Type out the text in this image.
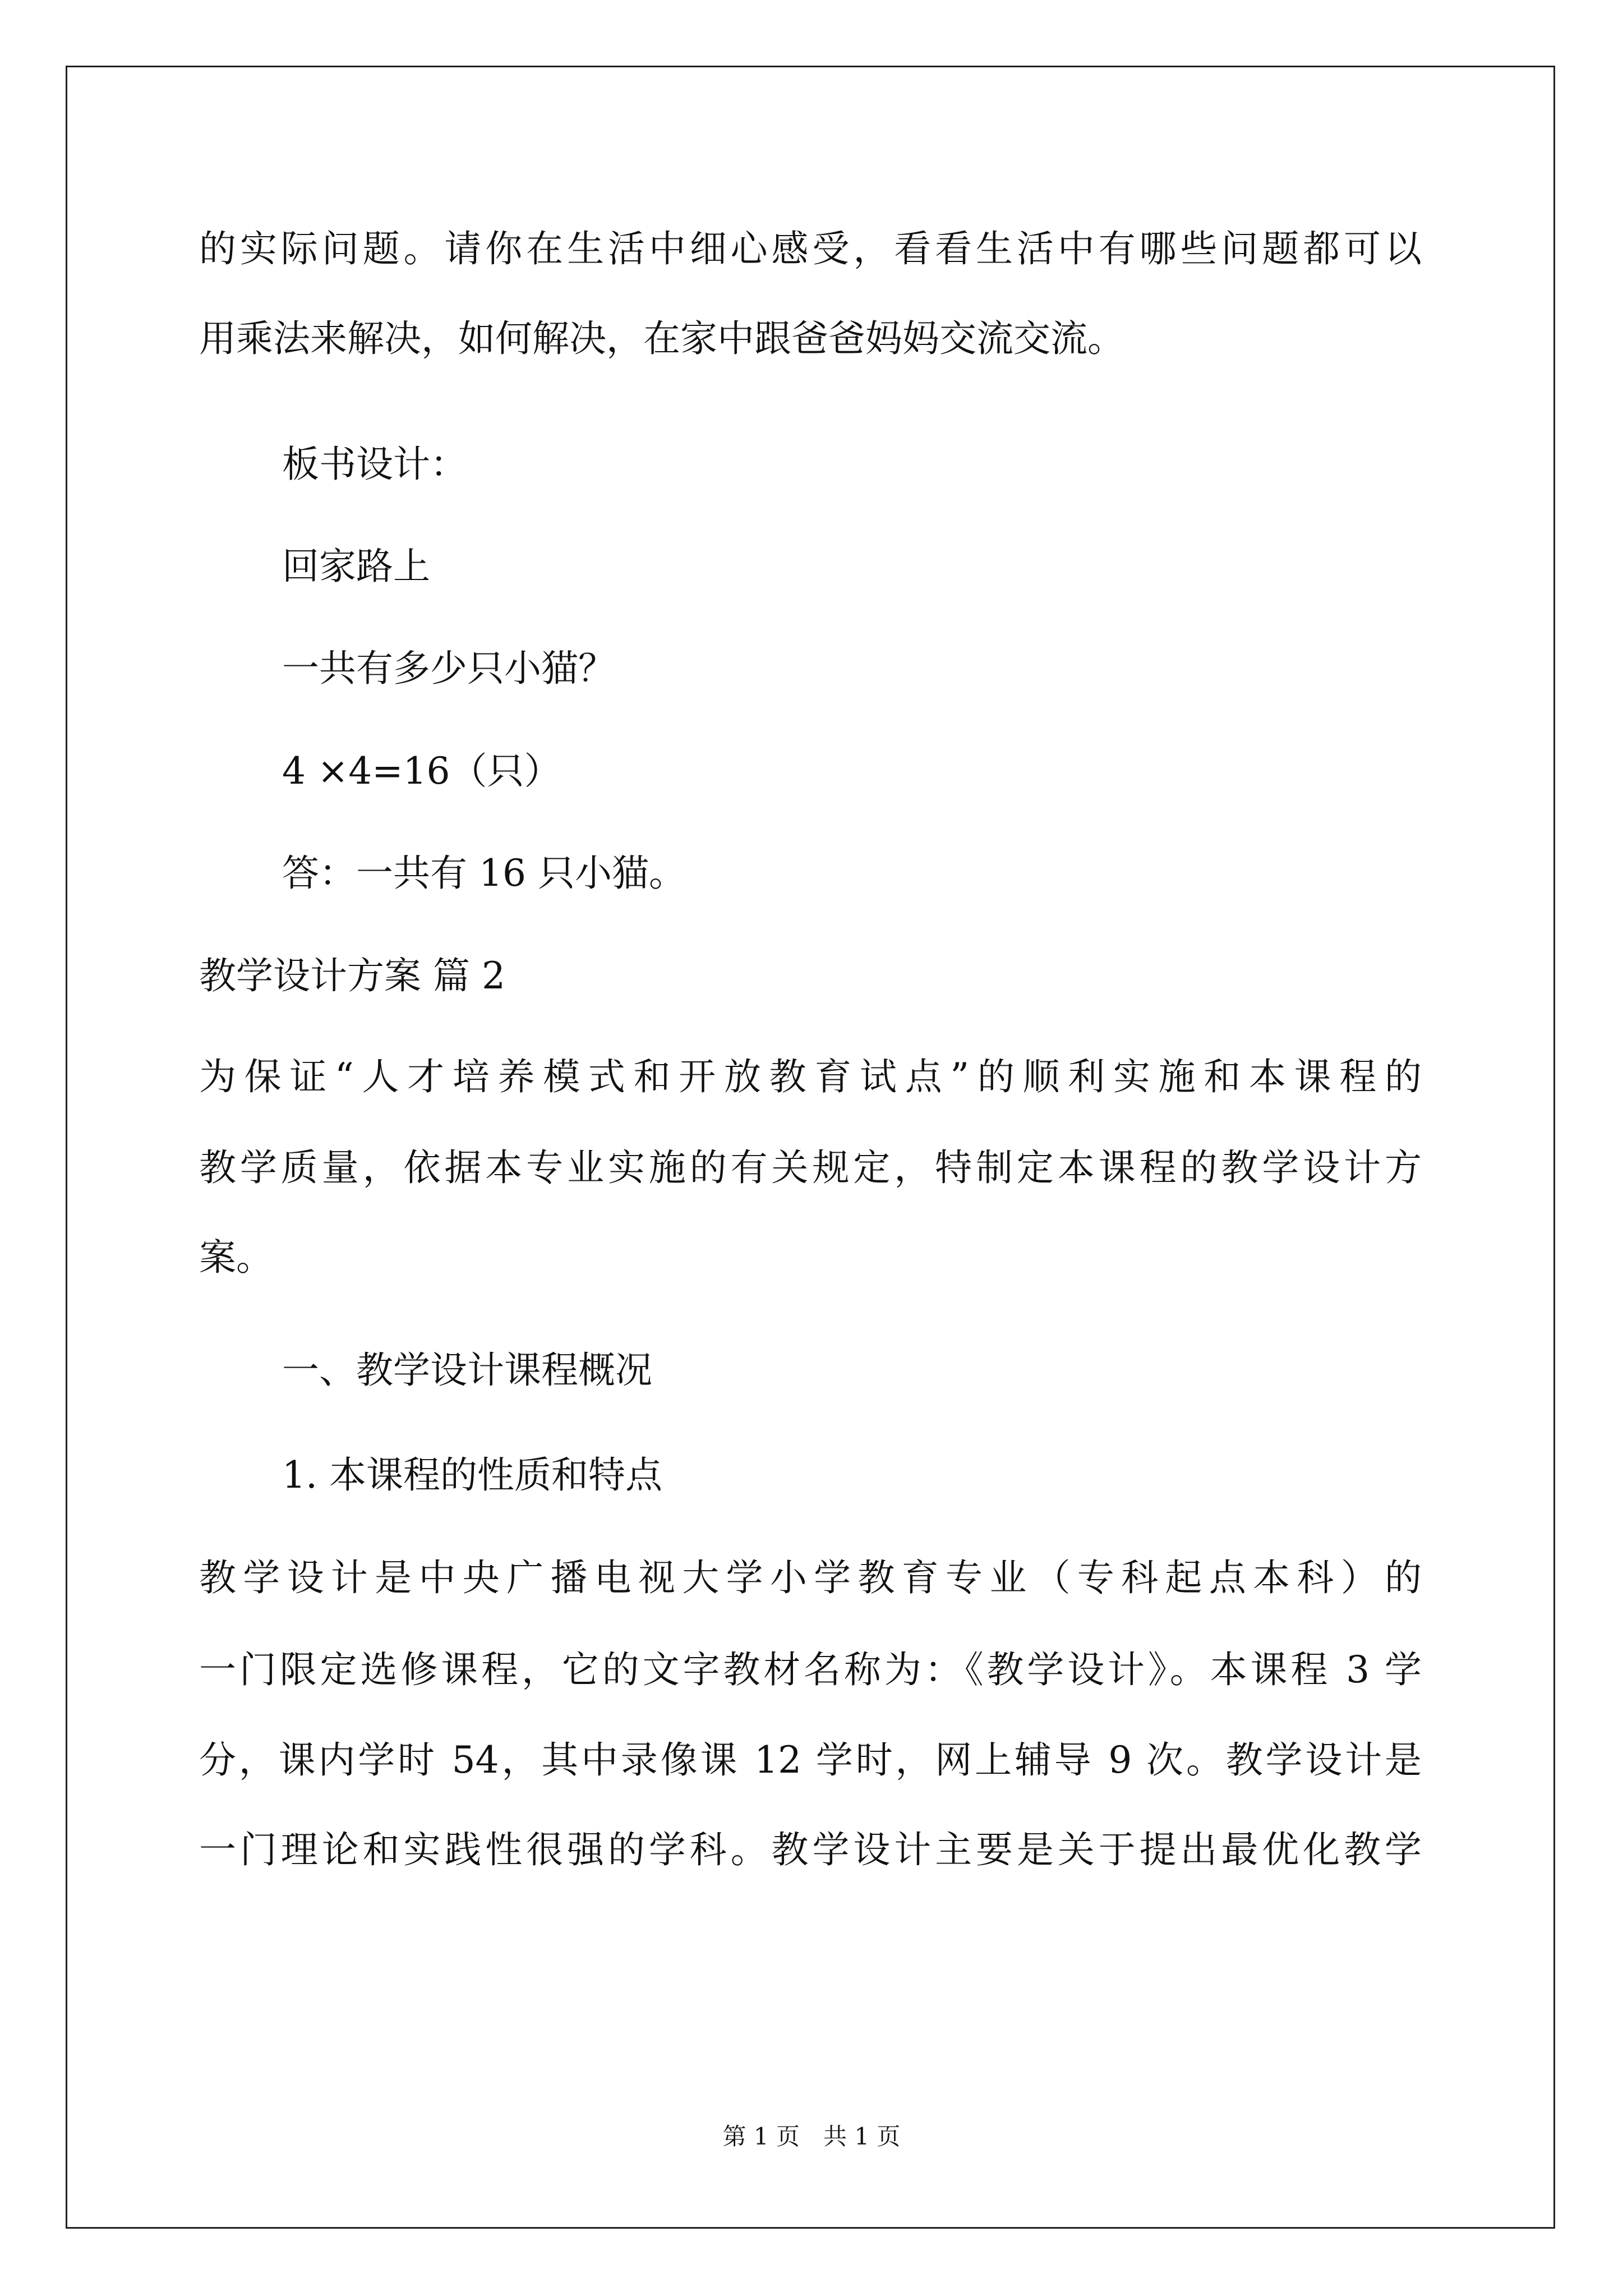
的实际问题。请你在生活中细心感受，看看生活中有哪些问题都可以
用乘法来解决，如何解决，在家中跟爸爸妈妈交流交流。
板书设计：
回家路上
一共有多少只小猫？
4 ×4=16（只）
答：一共有 16 只小猫。
教学设计方案 篇 2
为保证“人才培养模式和开放教育试点”的顺利实施和本课程的
教学质量，依据本专业实施的有关规定，特制定本课程的教学设计方
案。
一、教学设计课程概况
1. 本课程的性质和特点
教学设计是中央广播电视大学小学教育专业（专科起点本科）的
一门限定选修课程，它的文字教材名称为：《教学设计》。本课程 3 学
分，课内学时 54，其中录像课 12 学时，网上辅导 9 次。教学设计是
一门理论和实践性很强的学科。教学设计主要是关于提出最优化教学
第 1 页　共 1 页
